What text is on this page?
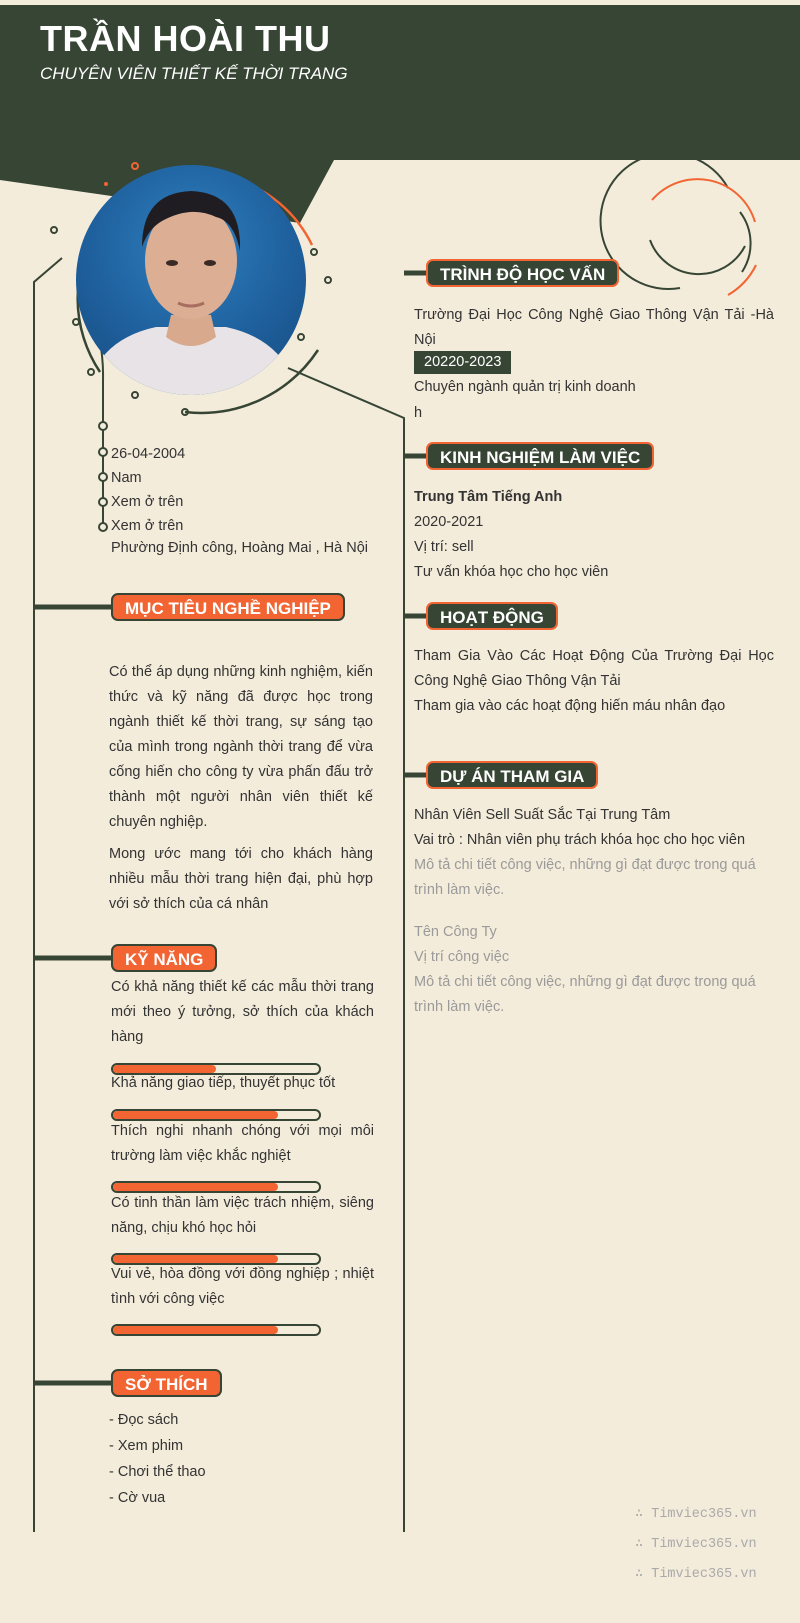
TRẦN HOÀI THU
CHUYÊN VIÊN THIẾT KẾ THỜI TRANG
26-04-2004
Nam
Xem ở trên
Xem ở trên
Phường Định công, Hoàng Mai , Hà Nội
MỤC TIÊU NGHỀ NGHIỆP
Có thể áp dụng những kinh nghiệm, kiến thức và kỹ năng đã được học trong ngành thiết kế thời trang, sự sáng tạo của mình trong ngành thời trang để vừa cống hiến cho công ty vừa phấn đấu trở thành một người nhân viên thiết kế chuyên nghiệp.
Mong ước mang tới cho khách hàng nhiều mẫu thời trang hiện đại, phù hợp với sở thích của cá nhân
KỸ NĂNG
Có khả năng thiết kế các mẫu thời trang mới theo ý tưởng, sở thích của khách hàng
Khả năng giao tiếp, thuyết phục tốt
Thích nghi nhanh chóng với mọi môi trường làm việc khắc nghiệt
Có tinh thần làm việc trách nhiệm, siêng năng, chịu khó học hỏi
Vui vẻ, hòa đồng với đồng nghiệp ; nhiệt tình với công việc
SỞ THÍCH
- Đọc sách
- Xem phim
- Chơi thể thao
- Cờ vua
TRÌNH ĐỘ HỌC VẤN
Trường Đại Học Công Nghệ Giao Thông Vận Tải -Hà Nội
20220-2023
Chuyên ngành quản trị kinh doanh
h
KINH NGHIỆM LÀM VIỆC
Trung Tâm Tiếng Anh
2020-2021
Vị trí: sell
Tư vấn khóa học cho học viên
HOẠT ĐỘNG
Tham Gia Vào Các Hoạt Động Của Trường Đại Học Công Nghệ Giao Thông Vận Tải
Tham gia vào các hoạt động hiến máu nhân đạo
DỰ ÁN THAM GIA
Nhân Viên Sell Suất Sắc Tại Trung Tâm
Vai trò : Nhân viên phụ trách khóa học cho học viên
Mô tả chi tiết công việc, những gì đạt được trong quá trình làm việc.
Tên Công Ty
Vị trí công việc
Mô tả chi tiết công việc, những gì đạt được trong quá trình làm việc.
∴ Timviec365.vn
∴ Timviec365.vn
∴ Timviec365.vn
